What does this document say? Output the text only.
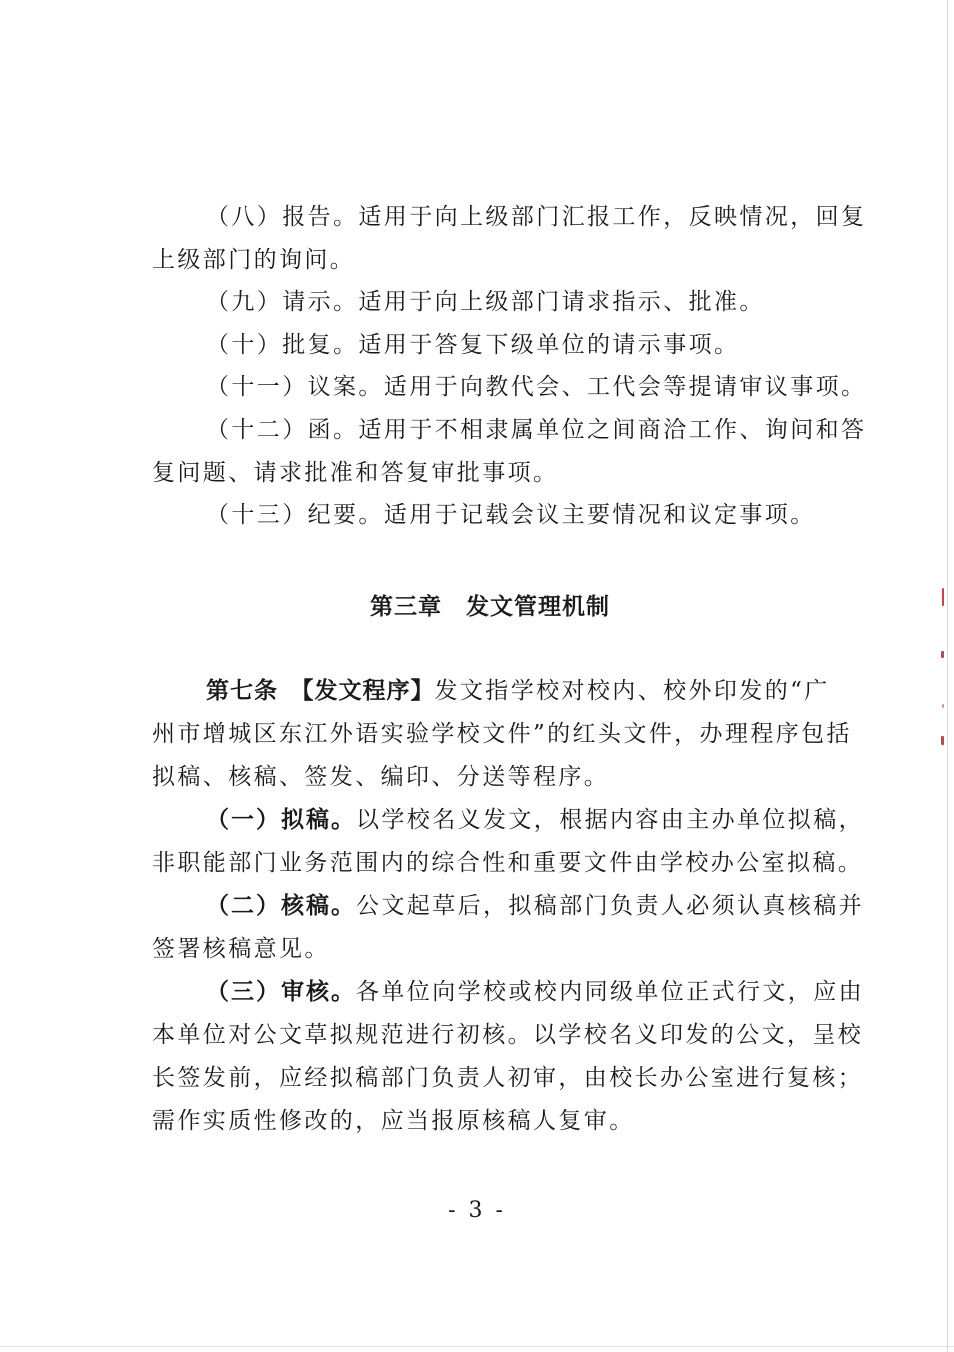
（八）报告。适用于向上级部门汇报工作，反映情况，回复
上级部门的询问。
（九）请示。适用于向上级部门请求指示、批准。
（十）批复。适用于答复下级单位的请示事项。
（十一）议案。适用于向教代会、工代会等提请审议事项。
（十二）函。适用于不相隶属单位之间商洽工作、询问和答
复问题、请求批准和答复审批事项。
（十三）纪要。适用于记载会议主要情况和议定事项。
第三章　发文管理机制
第七条　【发文程序】发文指学校对校内、校外印发的“广
州市增城区东江外语实验学校文件”的红头文件，办理程序包括
拟稿、核稿、签发、编印、分送等程序。
（一）拟稿。以学校名义发文，根据内容由主办单位拟稿，
非职能部门业务范围内的综合性和重要文件由学校办公室拟稿。
（二）核稿。公文起草后，拟稿部门负责人必须认真核稿并
签署核稿意见。
（三）审核。各单位向学校或校内同级单位正式行文，应由
本单位对公文草拟规范进行初核。以学校名义印发的公文，呈校
长签发前，应经拟稿部门负责人初审，由校长办公室进行复核；
需作实质性修改的，应当报原核稿人复审。
- 3 -
